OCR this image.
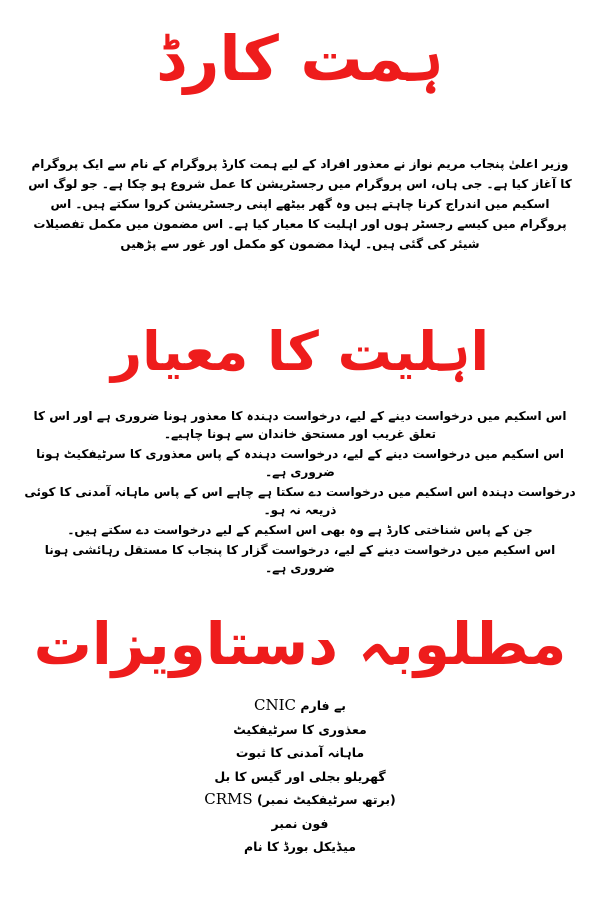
ہمت کارڈ

وزیر اعلیٰ پنجاب مریم نواز نے معذور افراد کے لیے ہمت کارڈ پروگرام کے نام سے ایک پروگرام کا آغاز کیا ہے۔ جی ہاں، اس پروگرام میں رجسٹریشن کا عمل شروع ہو چکا ہے۔ جو لوگ اس اسکیم میں اندراج کرنا چاہتے ہیں وہ گھر بیٹھے اپنی رجسٹریشن کروا سکتے ہیں۔ اس پروگرام میں کیسے رجسٹر ہوں اور اہلیت کا معیار کیا ہے۔ اس مضمون میں مکمل تفصیلات شیئر کی گئی ہیں۔ لہذا مضمون کو مکمل اور غور سے پڑھیں

اہلیت کا معیار
اس اسکیم میں درخواست دینے کے لیے، درخواست دہندہ کا معذور ہونا ضروری ہے اور اس کا تعلق غریب اور مستحق خاندان سے ہونا چاہیے۔
اس اسکیم میں درخواست دینے کے لیے، درخواست دہندہ کے پاس معذوری کا سرٹیفکیٹ ہونا ضروری ہے۔
درخواست دہندہ اس اسکیم میں درخواست دے سکتا ہے چاہے اس کے پاس ماہانہ آمدنی کا کوئی ذریعہ نہ ہو۔
جن کے پاس شناختی کارڈ ہے وہ بھی اس اسکیم کے لیے درخواست دے سکتے ہیں۔
اس اسکیم میں درخواست دینے کے لیے، درخواست گزار کا پنجاب کا مستقل رہائشی ہونا ضروری ہے۔
مطلوبہ دستاویزات
بے فارم CNIC
معذوری کا سرٹیفکیٹ
ماہانہ آمدنی کا ثبوت
گھریلو بجلی اور گیس کا بل
(برتھ سرٹیفکیٹ نمبر) CRMS
فون نمبر
میڈیکل بورڈ کا نام
